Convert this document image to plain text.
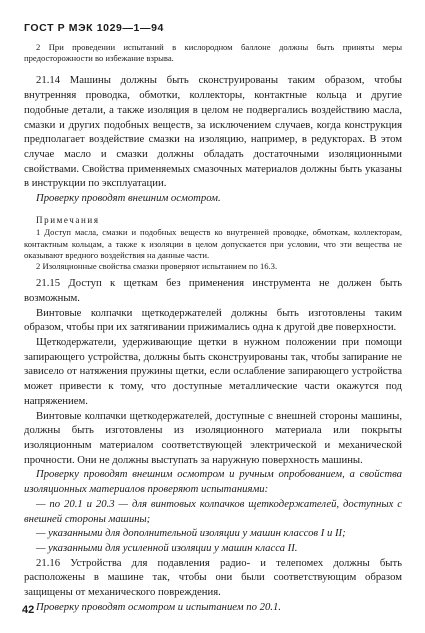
ГОСТ Р МЭК 1029—1—94

2 При проведении испытаний в кислородном баллоне должны быть приняты меры предосторожности во избежание взрыва.

21.14 Машины должны быть сконструированы таким образом, чтобы внутренняя проводка, обмотки, коллекторы, контактные кольца и другие подобные детали, а также изоляция в целом не подвергались воздействию масла, смазки и других подобных веществ, за исключением случаев, когда конструкция предполагает воздействие смазки на изоляцию, например, в редукторах. В этом случае масло и смазки должны обладать достаточными изоляционными свойствами. Свойства применяемых смазочных материалов должны быть указаны в инструкции по эксплуатации.

Проверку проводят внешним осмотром.

Примечания

1 Доступ масла, смазки и подобных веществ ко внутренней проводке, обмоткам, коллекторам, контактным кольцам, а также к изоляции в целом допускается при условии, что эти вещества не оказывают вредного воздействия на данные части.

2 Изоляционные свойства смазки проверяют испытанием по 16.3.

21.15 Доступ к щеткам без применения инструмента не должен быть возможным.

Винтовые колпачки щеткодержателей должны быть изготовлены таким образом, чтобы при их затягивании прижимались одна к другой две поверхности.

Щеткодержатели, удерживающие щетки в нужном положении при помощи запирающего устройства, должны быть сконструированы так, чтобы запирание не зависело от натяжения пружины щетки, если ослабление запирающего устройства может привести к тому, что доступные металлические части окажутся под напряжением.

Винтовые колпачки щеткодержателей, доступные с внешней стороны машины, должны быть изготовлены из изоляционного материала или покрыты изоляционным материалом соответствующей электрической и механической прочности. Они не должны выступать за наружную поверхность машины.

Проверку проводят внешним осмотром и ручным опробованием, а свойства изоляционных материалов проверяют испытаниями:

— по 20.1 и 20.3 — для винтовых колпачков щеткодержателей, доступных с внешней стороны машины;

— указанными для дополнительной изоляции у машин классов I и II;

— указанными для усиленной изоляции у машин класса II.

21.16 Устройства для подавления радио- и телепомех должны быть расположены в машине так, чтобы они были соответствующим образом защищены от механического повреждения.

Проверку проводят осмотром и испытанием по 20.1.

42
